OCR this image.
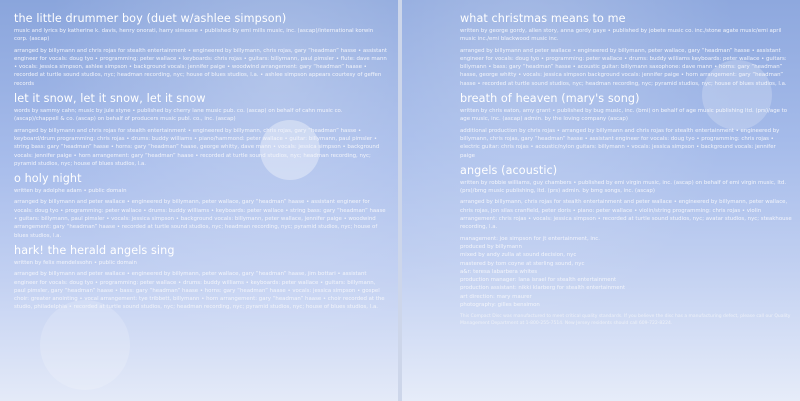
the little drummer boy (duet w/ashlee simpson)

music and lyrics by katherine k. davis, henry onorati, harry simeone • published by emi mills music, inc. (ascap)/international korwin corp. (ascap)

arranged by billymann and chris rojas for stealth entertainment • engineered by billymann, chris rojas, gary “headman” hasse • assistant engineer for vocals: doug tyo • programming: peter wallace • keyboards: chris rojas • guitars: billymann, paul pimsler • flute: dave mann • vocals: jessica simpson, ashlee simpson • background vocals: jennifer paige • woodwind arrangement: gary “headman” haase • recorded at turtle sound studios, nyc; headman recording, nyc; house of blues studios, l.a. • ashlee simpson appears courtesy of geffen records

let it snow, let it snow, let it snow

words by sammy cahn; music by jule styne • published by cherry lane music pub. co. (ascap) on behalf of cahn music co. (ascap)/chappell & co. (ascap) on behalf of producers music publ. co., inc. (ascap)

arranged by billymann and chris rojas for stealth entertainment • engineered by billymann, chris rojas, gary “headman” hasse • keyboard/drum programming: chris rojas • drums: buddy williams • piano/hammond: peter wallace • guitar: billymann, paul pimsler • string bass: gary “headman” hasse • horns: gary “headman” haase, george whitty, dave mann • vocals: jessica simpson • background vocals: jennifer paige • horn arrangement: gary “headman” haase • recorded at turtle sound studios, nyc; headman recording, nyc; pyramid studios, nyc; house of blues studios, l.a.

o holy night

written by adolphe adam • public domain

arranged by billymann and peter wallace • engineered by billymann, peter wallace, gary “headman” haase • assistant engineer for vocals: doug tyo • programming: peter wallace • drums: buddy williams • keyboards: peter wallace • string bass: gary “headman” haase • guitars: billymann, paul pimsler • vocals: jessica simpson • background vocals: billymann, peter wallace, jennifer paige • woodwind arrangement: gary “headman” haase • recorded at turtle sound studios, nyc; headman recording, nyc; pyramid studios, nyc; house of blues studios, l.a.

hark! the herald angels sing

written by felix mendelssohn • public domain

arranged by billymann and peter wallace • engineered by billymann, peter wallace, gary “headman” haase, jim bottari • assistant engineer for vocals: doug tyo • programming: peter wallace • drums: buddy williams • keyboards: peter wallace • guitars: billymann, paul pimsler, gary “headman” haase • bass: gary “headman” haase • horns: gary “headman” haase • vocals: jessica simpson • gospel choir: greater anointing • vocal arrangement: tye tribbett, billymann • horn arrangement: gary “headman” haase • choir recorded at the studio, philadelphia • recorded at turtle sound studios, nyc; headman recording, nyc; pyramid studios, nyc; house of blues studios, l.a.

what christmas means to me

written by george gordy, allen story, anna gordy gaye • published by jobete music co. inc./stone agate music/emi april music inc./emi blackwood music inc.

arranged by billymann and peter wallace • engineered by billymann, peter wallace, gary “headman” hasse • assistant engineer for vocals: doug tyo • programming: peter wallace • drums: buddy williams keyboards: peter wallace • guitars: billymann • bass: gary “headman” hasse • acoustic guitar: billymann saxophone: dave mann • horns: gary “headman” hasse, george whitty • vocals: jessica simpson background vocals: jennifer paige • horn arrangement: gary “headman” hasse • recorded at turtle sound studios, nyc; headman recording, nyc; pyramid studios, nyc; house of blues studios, l.a.

breath of heaven (mary's song)

written by chris eaton, amy grant • published by bug music, inc. (bmi) on behalf of age music publishing ltd. (prs)/age to age music, inc. (ascap) admin. by the loving company (ascap)

additional production by chris rojas • arranged by billymann and chris rojas for stealth entertainment • engineered by billymann, chris rojas, gary “headman” hasse • assistant engineer for vocals: doug tyo • programming: chris rojas • electric guitar: chris rojas • acoustic/nylon guitars: billymann • vocals: jessica simpson • background vocals: jennifer paige

angels (acoustic)

written by robbie williams, guy chambers • published by emi virgin music, inc. (ascap) on behalf of emi virgin music, ltd. (prs)/bmg music publishing, ltd. (prs) admin. by bmg songs, inc. (ascap)

arranged by billymann, chris rojas for stealth entertainment and peter wallace • engineered by billymann, peter wallace, chris rojas, jon silas cranfield, peter doris • piano: peter wallace • violin/string programming: chris rojas • violin arrangement: chris rojas • vocals: jessica simpson • recorded at turtle sound studios, nyc; avatar studios, nyc; steakhouse recording, l.a.

management: joe simpson for jt entertainment, inc.

produced by billymann

mixed by andy zulla at sound decision, nyc

mastered by tom coyne at sterling sound, nyc

a&r: teresa labarbera whites

production manager: lana israel for stealth entertainment

production assistant: nikki klarberg for stealth entertainment

art direction: mary maurer

photography: gilles bensimon

This Compact Disc was manufactured to meet critical quality standards. If you believe the disc has a manufacturing defect, please call our Quality Management Department at 1-800-255-7514. New Jersey residents should call 609-722-8224.
